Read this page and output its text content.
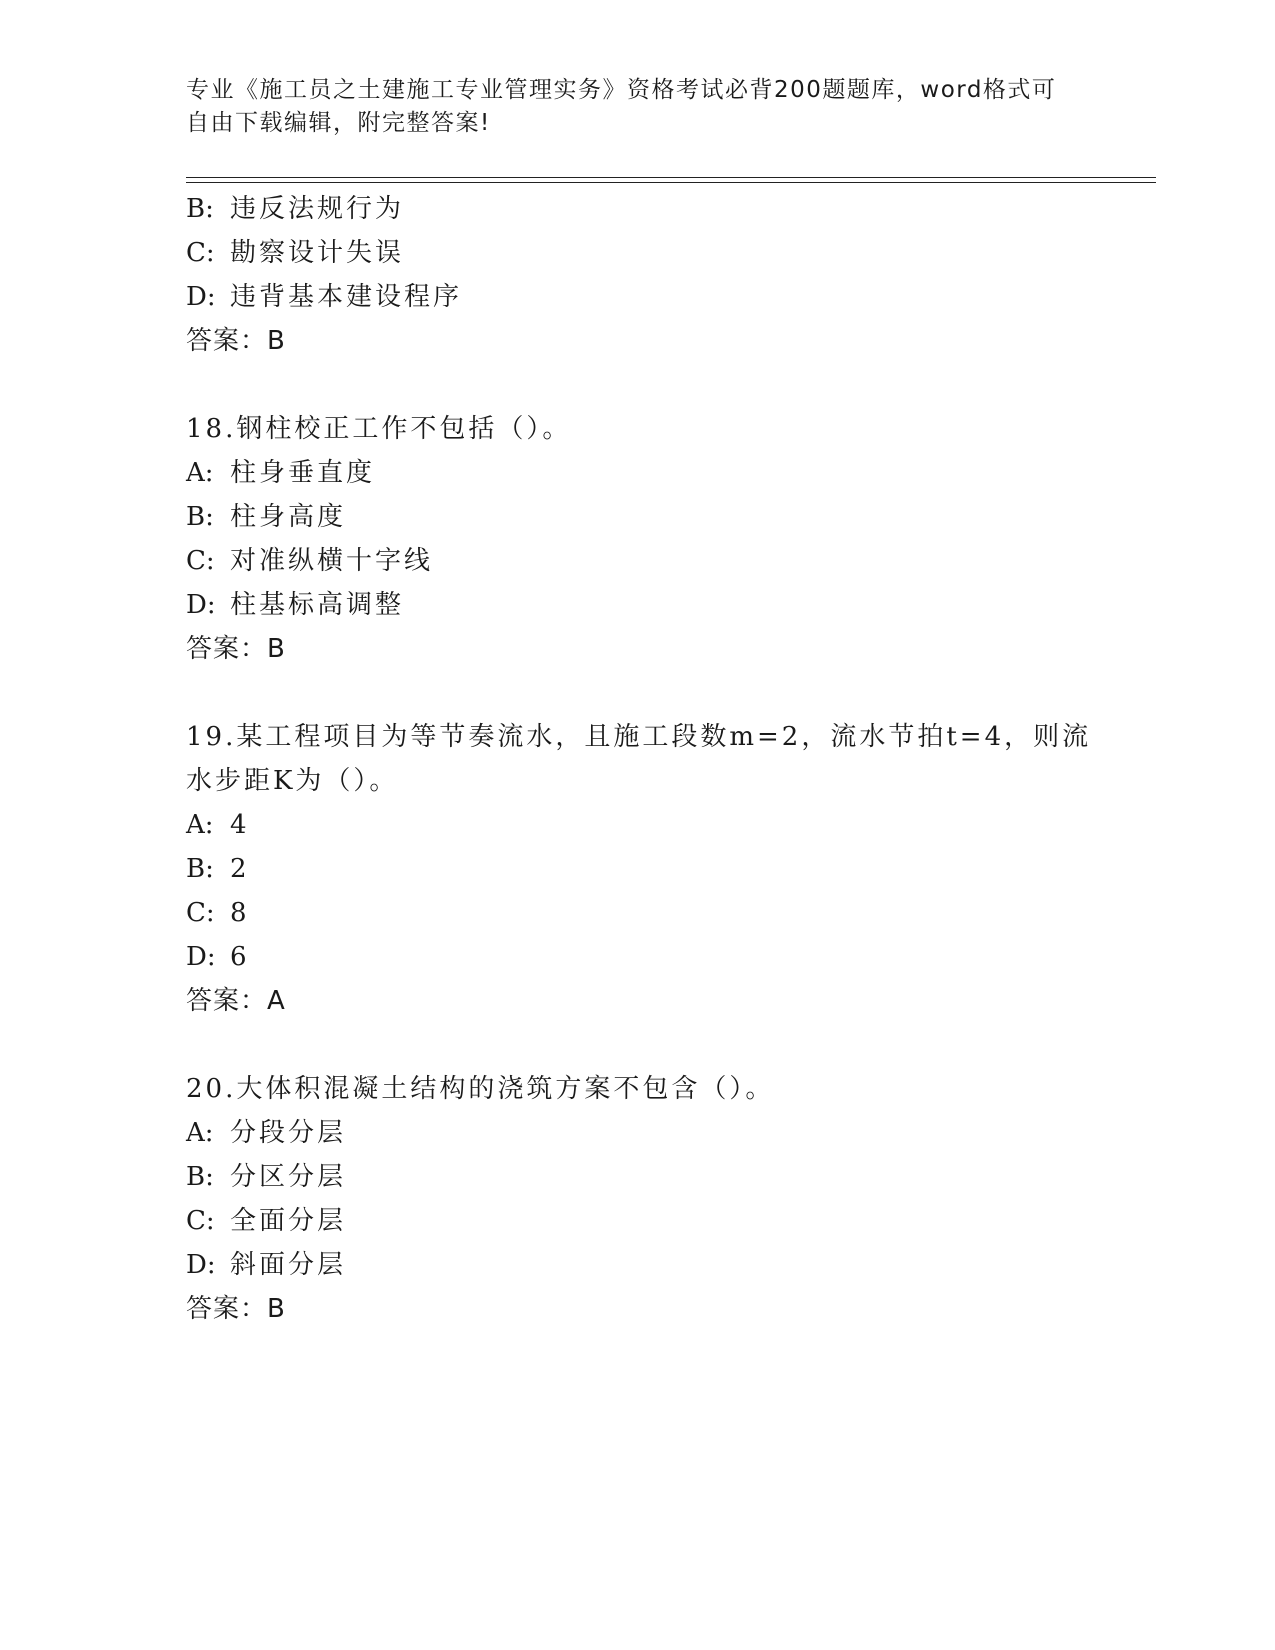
专业《施工员之土建施工专业管理实务》资格考试必背200题题库，word格式可
自由下载编辑，附完整答案!
B: 违反法规行为
C: 勘察设计失误
D: 违背基本建设程序
答案：B
18.钢柱校正工作不包括（）。
A: 柱身垂直度
B: 柱身高度
C: 对准纵横十字线
D: 柱基标高调整
答案：B
19.某工程项目为等节奏流水，且施工段数m=2，流水节拍t=4，则流
水步距K为（）。
A: 4
B: 2
C: 8
D: 6
答案：A
20.大体积混凝土结构的浇筑方案不包含（）。
A: 分段分层
B: 分区分层
C: 全面分层
D: 斜面分层
答案：B
